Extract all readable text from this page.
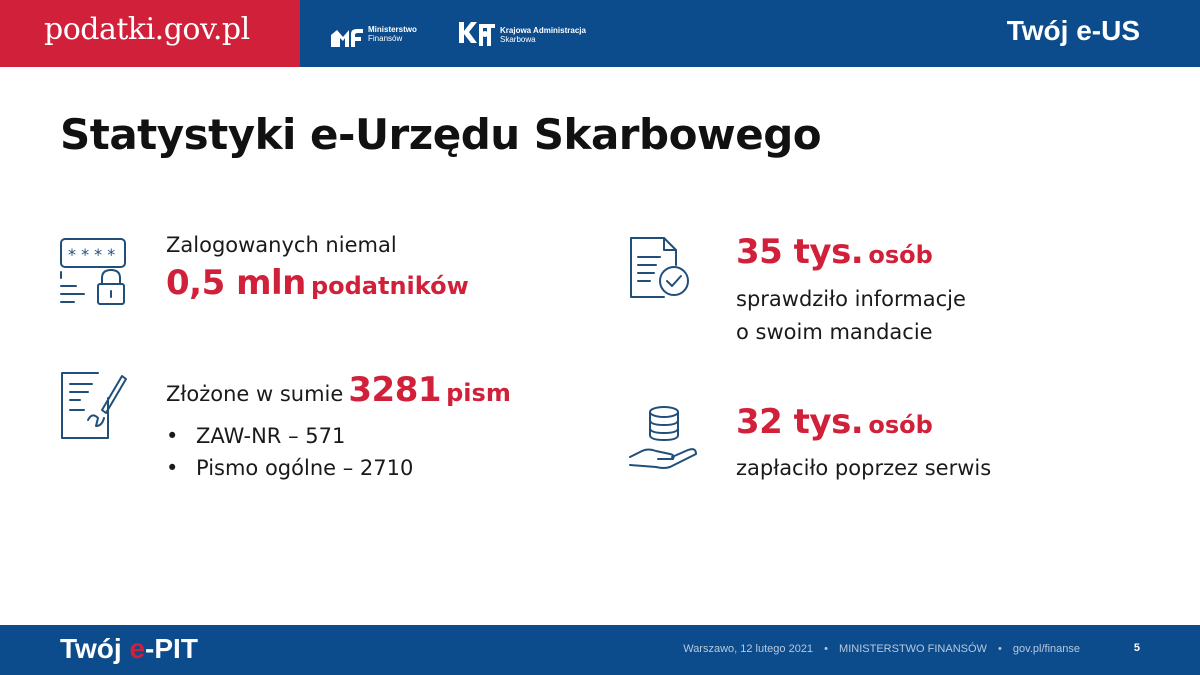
podatki.gov.pl	Ministerstwo
Finansów
Krajowa Administracja
Skarbowa	Twój e-US
Statystyki e-Urzędu Skarbowego
* * * * Zalogowanych niemal
0,5 mln podatników
Złożone w sumie 3281 pism
• ZAW-NR – 571
• Pismo ogólne – 2710
35 tys. osób
sprawdziło informacje
o swoim mandacie
32 tys. osób
zapłaciło poprzez serwis
Twój e-PIT	Warszawo, 12 lutego 2021 • MINISTERSTWO FINANSÓW • gov.pl/finanse	5
